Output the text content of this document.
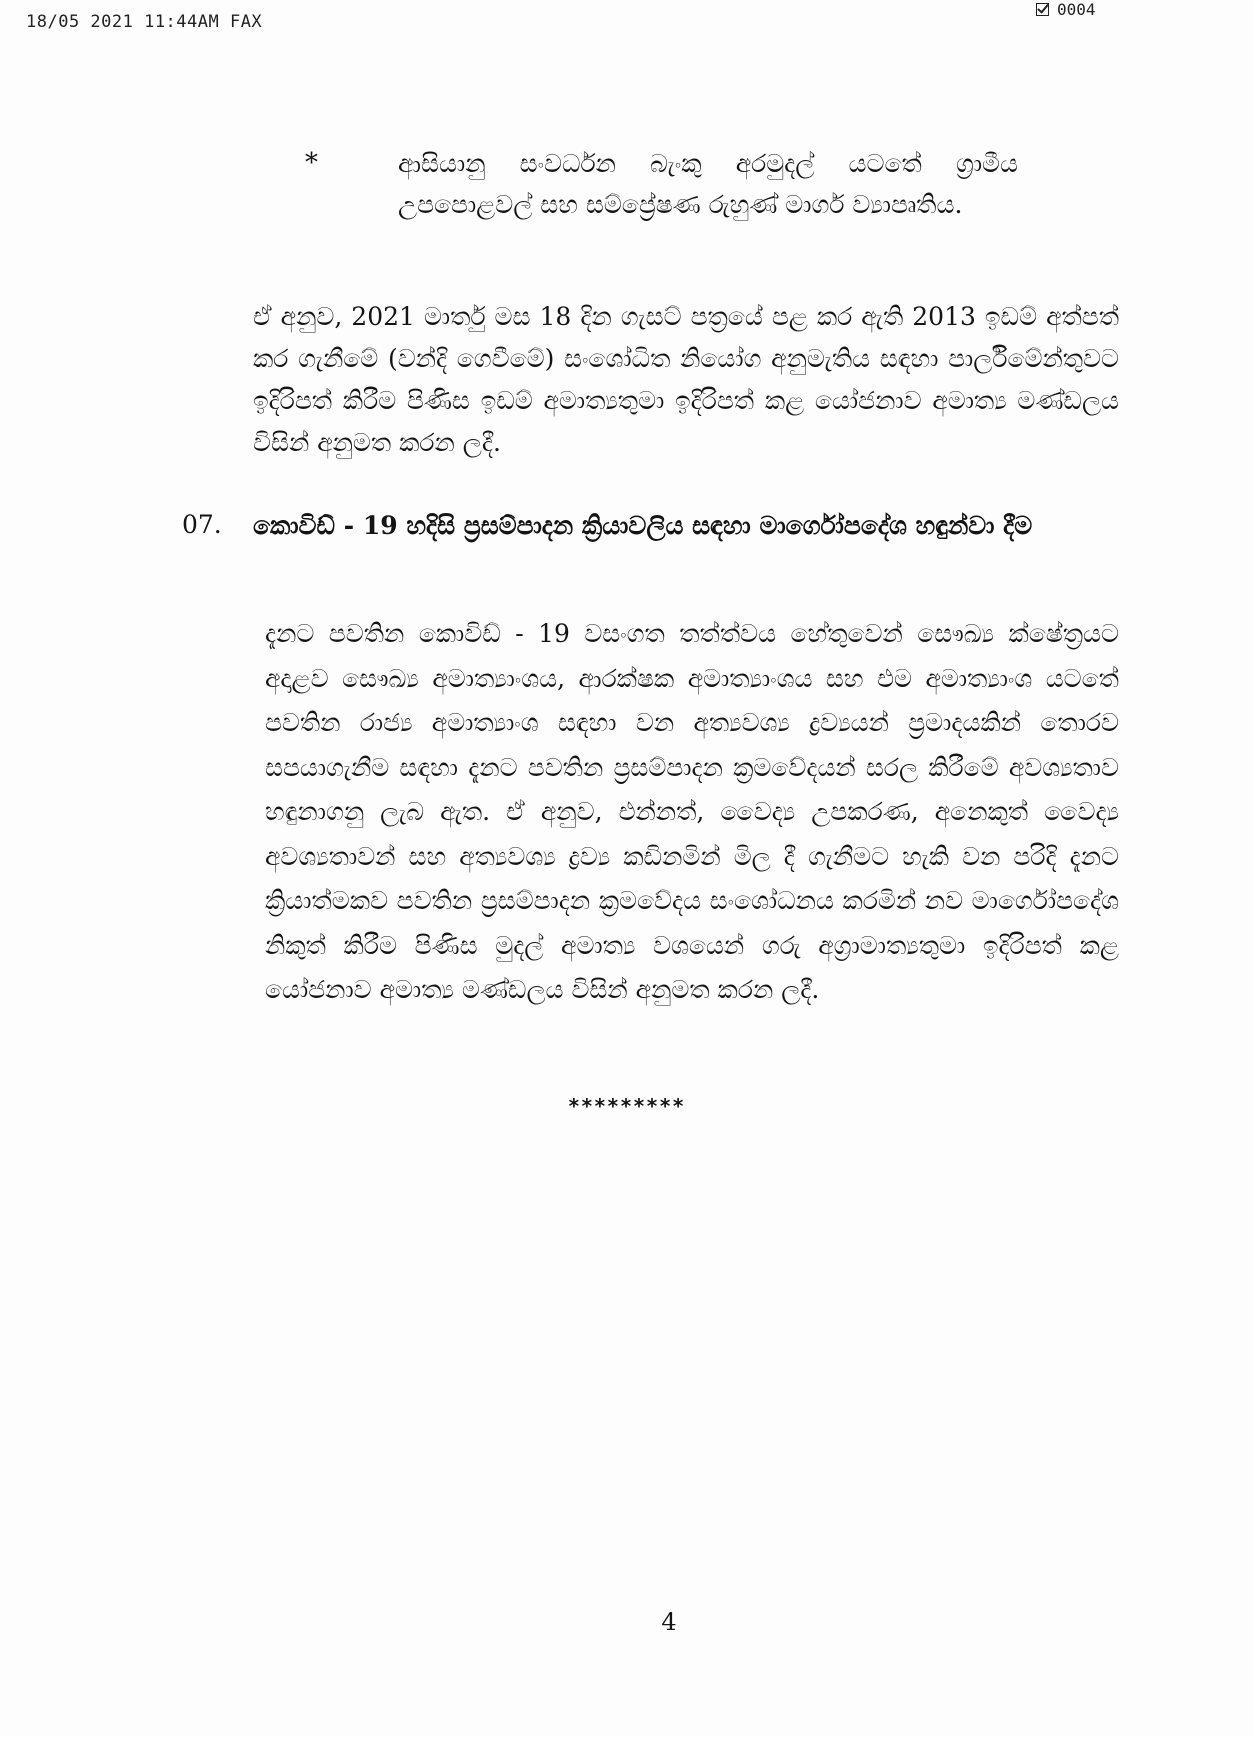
18/05 2021 11:44AM FAX
0004
*	ආසියානු සංවර්ධන බැංකු අරමුදල් යටතේ ග්‍රාමීය උපපොළවල් සහ සම්ප්‍රේෂණ රුහුණ් මාර්ග ව්‍යාපෘතිය.
ඒ අනුව, 2021 මාර්තු මස 18 දින ගැසට් පත්‍රයේ පළ කර ඇති 2013 ඉඩම් අත්පත් කර ගැනීමේ (වන්දි ගෙවීමේ) සංශෝධිත නියෝග අනුමැතිය සඳහා පාර්ලිමේන්තුවට ඉදිරිපත් කිරීම පිණිස ඉඩම් අමාත්‍යතුමා ඉදිරිපත් කළ යෝජනාව අමාත්‍ය මණ්ඩලය විසින් අනුමත කරන ලදී.
07. කොවිඩ් - 19 හදිසි ප්‍රසම්පාදන ක්‍රියාවලිය සඳහා මාර්ගෝපදේශ හඳුන්වා දීම
දැනට පවතින කොවිඩ් - 19 වසංගත තත්ත්වය හේතුවෙන් සෞඛ්‍ය ක්ෂේත්‍රයට අදාළව සෞඛ්‍ය අමාත්‍යාංශය, ආරක්ෂක අමාත්‍යාංශය සහ එම අමාත්‍යාංශ යටතේ පවතින රාජ්‍ය අමාත්‍යාංශ සඳහා වන අත්‍යවශ්‍ය ද්‍රව්‍යයන් ප්‍රමාදයකින් තොරව සපයාගැනීම සඳහා දැනට පවතින ප්‍රසම්පාදන ක්‍රමවේදයන් සරල කිරීමේ අවශ්‍යතාව හඳුනාගනු ලැබ ඇත. ඒ අනුව, එන්නත්, වෛද්‍ය උපකරණ, අනෙකුත් වෛද්‍ය අවශ්‍යතාවන් සහ අත්‍යවශ්‍ය ද්‍රව්‍ය කඩිනමින් මිල දී ගැනීමට හැකි වන පරිදි දැනට ක්‍රියාත්මකව පවතින ප්‍රසම්පාදන ක්‍රමවේදය සංශෝධනය කරමින් නව මාර්ගෝපදේශ නිකුත් කිරීම පිණිස මුදල් අමාත්‍ය වශයෙන් ගරු අග්‍රාමාත්‍යතුමා ඉදිරිපත් කළ යෝජනාව අමාත්‍ය මණ්ඩලය විසින් අනුමත කරන ලදී.
*********
4
